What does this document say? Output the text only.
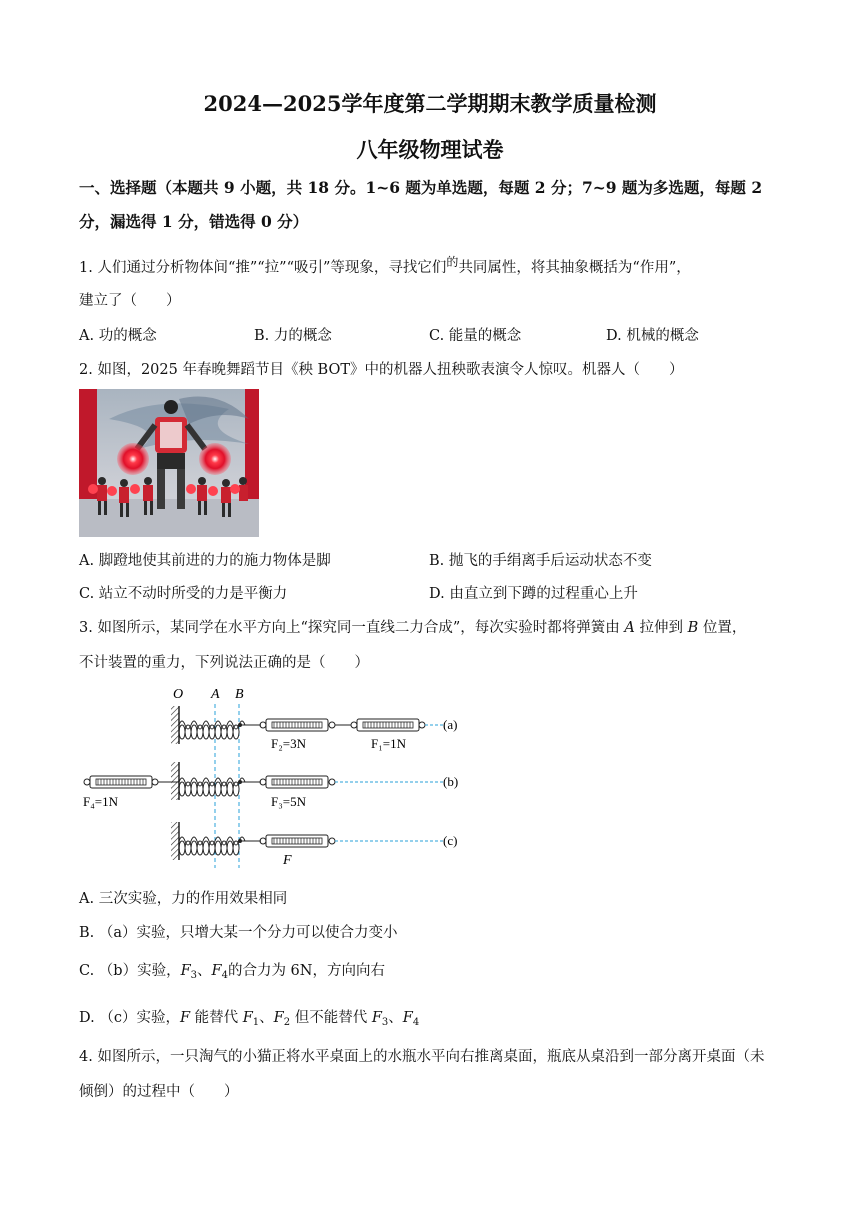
2024—2025学年度第二学期期末教学质量检测
八年级物理试卷
一、选择题（本题共 9 小题，共 18 分。1~6 题为单选题，每题 2 分；7~9 题为多选题，每题 2
分，漏选得 1 分，错选得 0 分）
1. 人们通过分析物体间“推”“拉”“吸引”等现象，寻找它们$^的$共同属性，将其抽象概括为“作用”，
建立了（　　）
A. 功的概念	B. 力的概念	C. 能量的概念	D. 机械的概念
2. 如图，2025 年春晚舞蹈节目《秧 BOT》中的机器人扭秧歌表演令人惊叹。机器人（　　）
A. 脚蹬地使其前进的力的施力物体是脚	B. 抛飞的手绢离手后运动状态不变
C. 站立不动时所受的力是平衡力	D. 由直立到下蹲的过程重心上升
3. 如图所示，某同学在水平方向上“探究同一直线二力合成”，每次实验时都将弹簧由 A 拉伸到 B 位置，
不计装置的重力，下列说法正确的是（　　）
O A B
(a)
F₂=3N	F₁=1N
(b)
F₄=1N	F₃=5N
(c)
F
A. 三次实验，力的作用效果相同
B. （a）实验，只增大某一个分力可以使合力变小
C. （b）实验，$F_3$、$F_4$的合力为 6N，方向向右
D. （c）实验，F 能替代 $F_1$、$F_2$ 但不能替代 $F_3$、$F_4$
4. 如图所示，一只淘气的小猫正将水平桌面上的水瓶水平向右推离桌面，瓶底从桌沿到一部分离开桌面（未
倾倒）的过程中（　　）
